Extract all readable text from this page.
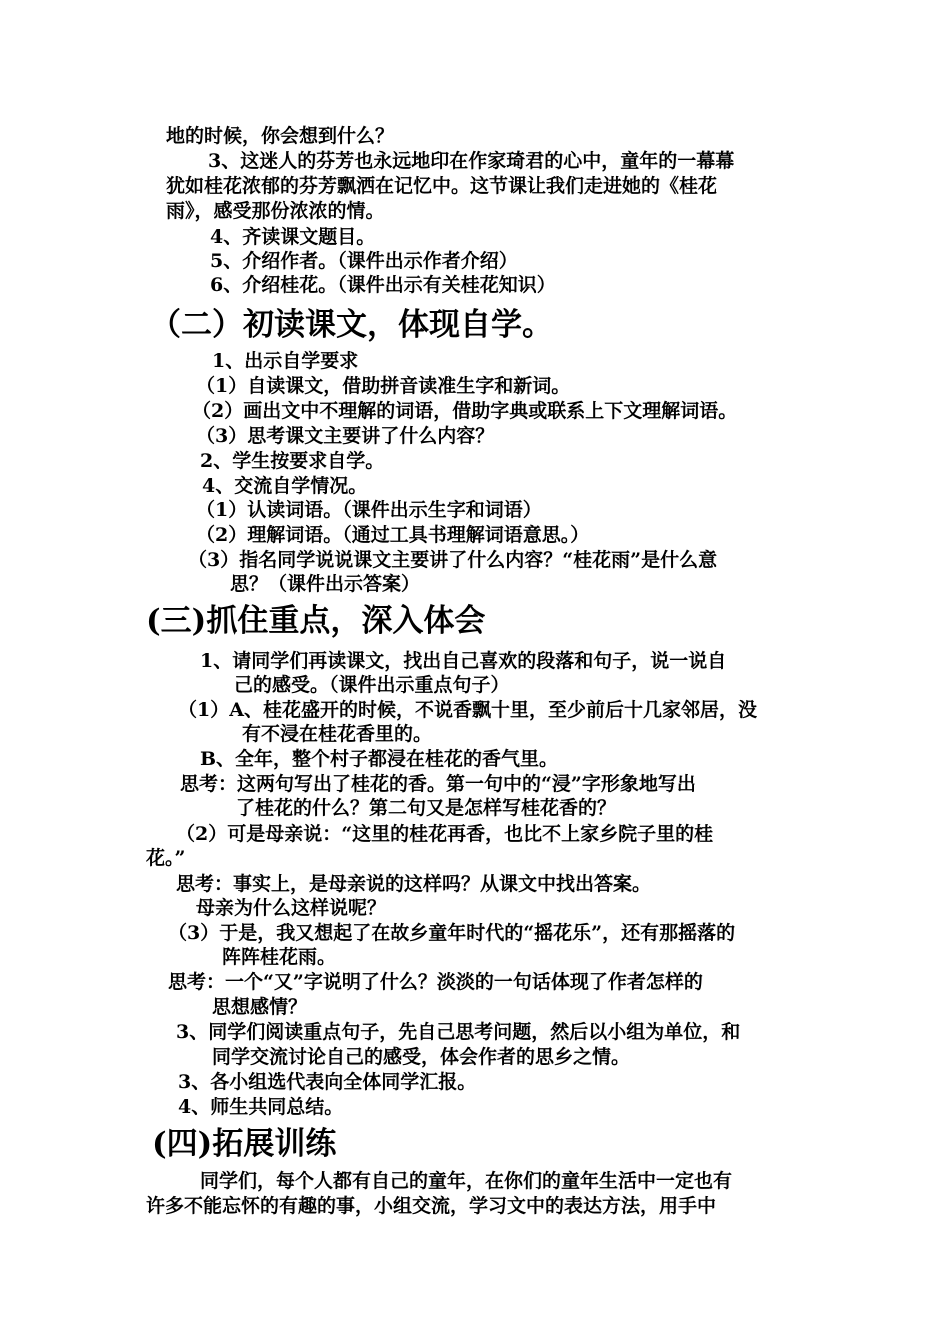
地的时候，你会想到什么？
3、这迷人的芬芳也永远地印在作家琦君的心中，童年的一幕幕
犹如桂花浓郁的芬芳飘洒在记忆中。这节课让我们走进她的《桂花
雨》，感受那份浓浓的情。
4、齐读课文题目。
5、介绍作者。（课件出示作者介绍）
6、介绍桂花。（课件出示有关桂花知识）
（二）初读课文，体现自学。
1、出示自学要求
（1）自读课文，借助拼音读准生字和新词。
（2）画出文中不理解的词语，借助字典或联系上下文理解词语。
（3）思考课文主要讲了什么内容？
2、学生按要求自学。
4、交流自学情况。
（1）认读词语。（课件出示生字和词语）
（2）理解词语。（通过工具书理解词语意思。）
（3）指名同学说说课文主要讲了什么内容？“桂花雨”是什么意
思？（课件出示答案）
(三)抓住重点，深入体会
1、请同学们再读课文，找出自己喜欢的段落和句子，说一说自
己的感受。（课件出示重点句子）
（1）A、桂花盛开的时候，不说香飘十里，至少前后十几家邻居，没
有不浸在桂花香里的。
B、全年，整个村子都浸在桂花的香气里。
思考：这两句写出了桂花的香。第一句中的“浸”字形象地写出
了桂花的什么？第二句又是怎样写桂花香的？
（2）可是母亲说：“这里的桂花再香，也比不上家乡院子里的桂
花。”
思考：事实上，是母亲说的这样吗？从课文中找出答案。
母亲为什么这样说呢？
（3）于是，我又想起了在故乡童年时代的“摇花乐”，还有那摇落的
阵阵桂花雨。
思考：一个“又”字说明了什么？淡淡的一句话体现了作者怎样的
思想感情？
3、同学们阅读重点句子，先自己思考问题，然后以小组为单位，和
同学交流讨论自己的感受，体会作者的思乡之情。
3、各小组选代表向全体同学汇报。
4、师生共同总结。
(四)拓展训练
同学们，每个人都有自己的童年，在你们的童年生活中一定也有
许多不能忘怀的有趣的事，小组交流，学习文中的表达方法，用手中
